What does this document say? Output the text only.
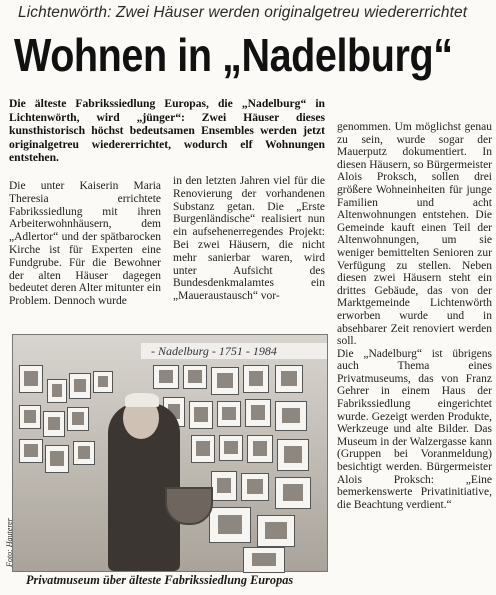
Lichtenwörth: Zwei Häuser werden originalgetreu wiedererrichtet
Wohnen in „Nadelburg“
Die älteste Fabrikssiedlung Europas, die „Nadelburg“ in Lichtenwörth, wird „jünger“: Zwei Häuser dieses kunsthistorisch höchst bedeutsamen Ensembles werden jetzt originalgetreu wiedererrichtet, wodurch elf Wohnungen entstehen.

Die unter Kaiserin Maria Theresia errichtete Fabrikssiedlung mit ihren Arbeiterwohnhäusern, dem „Adlertor“ und der spätbarocken Kirche ist für Experten eine Fundgrube. Für die Bewohner der alten Häuser dagegen bedeutet deren Alter mitunter ein Problem. Dennoch wurde

in den letzten Jahren viel für die Renovierung der vorhandenen Substanz getan. Die „Erste Burgenländische“ realisiert nun ein aufsehenerregendes Projekt: Bei zwei Häusern, die nicht mehr sanierbar waren, wird unter Aufsicht des Bundesdenkmalamtes ein „Maueraustausch“ vor-

genommen. Um möglichst genau zu sein, wurde sogar der Mauerputz dokumentiert. In diesen Häusern, so Bürgermeister Alois Proksch, sollen drei größere Wohneinheiten für junge Familien und acht Altenwohnungen entstehen. Die Gemeinde kauft einen Teil der Altenwohnungen, um sie weniger bemittelten Senioren zur Verfügung zu stellen. Neben diesen zwei Häusern steht ein drittes Gebäude, das von der Marktgemeinde Lichtenwörth erworben wurde und in absehbarer Zeit renoviert werden soll.

Die „Nadelburg“ ist übrigens auch Thema eines Privatmuseums, das von Franz Gehrer in einem Haus der Fabrikssiedlung eingerichtet wurde. Gezeigt werden Produkte, Werkzeuge und alte Bilder. Das Museum in der Walzergasse kann (Gruppen bei Voranmeldung) besichtigt werden. Bürgermeister Alois Proksch: „Eine bemerkenswerte Privatinitiative, die Beachtung verdient.“

- Nadelburg - 1751 - 1984
Foto: Hauterer
Privatmuseum über älteste Fabrikssiedlung Europas
